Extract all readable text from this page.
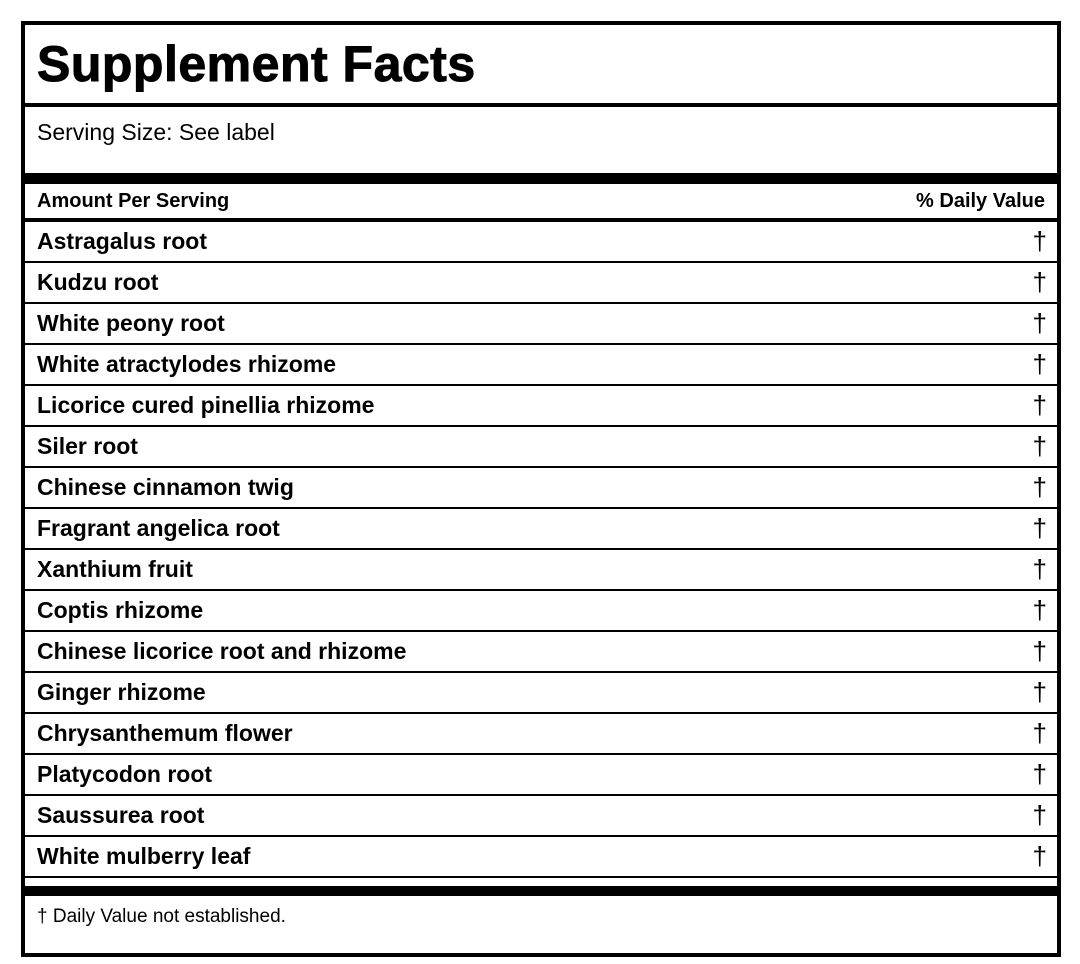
Supplement Facts
Serving Size: See label
Amount Per Serving	% Daily Value
Astragalus root	†
Kudzu root	†
White peony root	†
White atractylodes rhizome	†
Licorice cured pinellia rhizome	†
Siler root	†
Chinese cinnamon twig	†
Fragrant angelica root	†
Xanthium fruit	†
Coptis rhizome	†
Chinese licorice root and rhizome	†
Ginger rhizome	†
Chrysanthemum flower	†
Platycodon root	†
Saussurea root	†
White mulberry leaf	†
† Daily Value not established.
